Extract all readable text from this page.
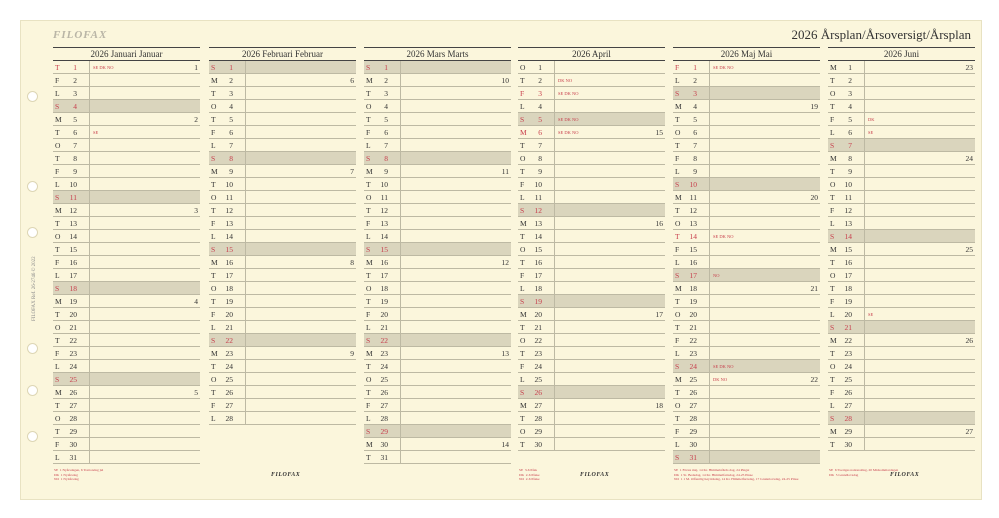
FILOFAX	2026 Årsplan/Årsoversigt/Årsplan
FILOFAX Ref. 26-2746 © 2022
2026 Januari Januar
T	1	SE DK NO	1
F	2
L	3
S	4
M	5	2
T	6	SE
O	7
T	8
F	9
L	10
S	11
M	12	3
T	13
O	14
T	15
F	16
L	17
S	18
M	19	4
T	20
O	21
T	22
F	23
L	24
S	25
M	26	5
T	27
O	28
T	29
F	30
L	31
SE  1 Nyårsdagen, 6 Trettondag jul
DK  1 Nytårsdag
NO  1 Nyttårsdag
2026 Februari Februar
S	1
M	2	6
T	3
O	4
T	5
F	6
L	7
S	8
M	9	7
T	10
O	11
T	12
F	13
L	14
S	15
M	16	8
T	17
O	18
T	19
F	20
L	21
S	22
M	23	9
T	24
O	25
T	26
F	27
L	28
FILOFAX
2026 Mars Marts
S	1
M	2	10
T	3
O	4
T	5
F	6
L	7
S	8
M	9	11
T	10
O	11
T	12
F	13
L	14
S	15
M	16	12
T	17
O	18
T	19
F	20
L	21
S	22
M	23	13
T	24
O	25
T	26
F	27
L	28
S	29
M	30	14
T	31
2026 April
O	1
T	2	DK NO
F	3	SE DK NO
L	4
S	5	SE DK NO
M	6	SE DK NO	15
T	7
O	8
T	9
F	10
L	11
S	12
M	13	16
T	14
O	15
T	16
F	17
L	18
S	19
M	20	17
T	21
O	22
T	23
F	24
L	25
S	26
M	27	18
T	28
O	29
T	30
SE  3-6 Påsk
DK  2-6 Påske
NO  2-6 Påske
FILOFAX
2026 Maj Mai
F	1	SE DK NO
L	2
S	3
M	4	19
T	5
O	6
T	7
F	8
L	9
S	10
M	11	20
T	12
O	13
T	14	SE DK NO
F	15
L	16
S	17	NO
M	18	21
T	19
O	20
T	21
F	22
L	23
S	24	SE DK NO
M	25	DK NO	22
T	26
O	27
T	28
F	29
L	30
S	31
SE  1 Första maj, 14 Kr. Himmelsfärds dag, 24 Pingst
DK  1 St. Bededag, 14 Kr. Himmelfartsdag, 24-25 Pinse
NO  1 1 M. Offentlig høytidsdag, 14 Kr. Himmelfartsdag, 17 Grunnlovsdag, 24-25 Pinse
2026 Juni
M	1	23
T	2
O	3
T	4
F	5	DK
L	6	SE
S	7
M	8	24
T	9
O	10
T	11
F	12
L	13
S	14
M	15	25
T	16
O	17
T	18
F	19
L	20	SE
S	21
M	22	26
T	23
O	24
T	25
F	26
L	27
S	28
M	29	27
T	30
SE  6 Sveriges nationaldag, 20 Midsommardagen
DK  5 Grundlovsdag	FILOFAX
